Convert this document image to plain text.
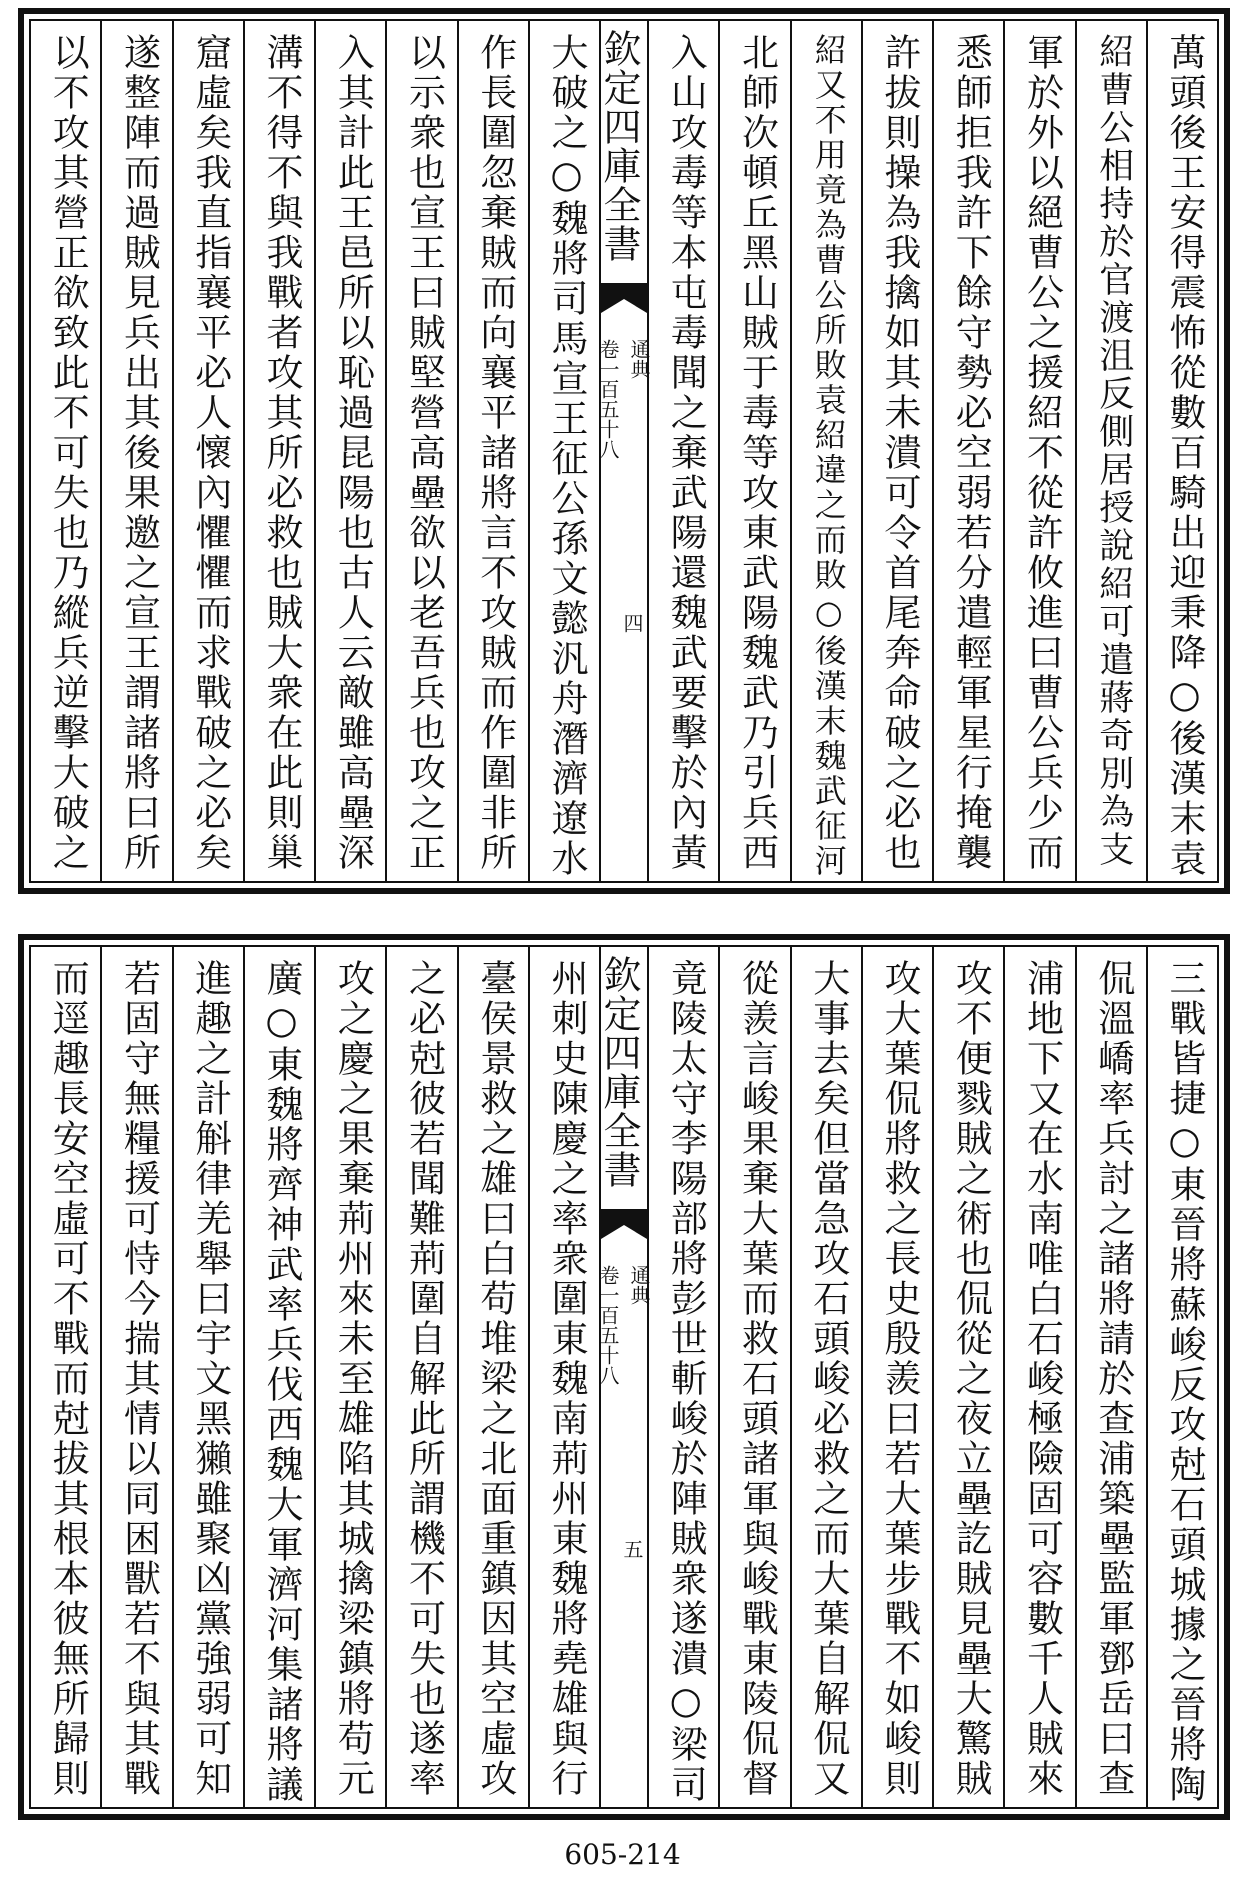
萬頭後王安得震怖從數百騎出迎秉降○後漢末袁
紹曹公相持於官渡沮反側居授說紹可遣蔣奇別為支
軍於外以絕曹公之援紹不從許攸進曰曹公兵少而
悉師拒我許下餘守勢必空弱若分遣輕軍星行掩襲
許拔則操為我擒如其未潰可令首尾奔命破之必也
紹又不用竟為曹公所敗袁紹違之而敗○後漢末魏武征河
北師次頓丘黑山賊于毒等攻東武陽魏武乃引兵西
入山攻毒等本屯毒聞之棄武陽還魏武要擊於內黃
欽定四庫全書
通典
卷一百五十八
四
大破之○魏將司馬宣王征公孫文懿汎舟潛濟遼水
作長圍忽棄賊而向襄平諸將言不攻賊而作圍非所
以示衆也宣王曰賊堅營高壘欲以老吾兵也攻之正
入其計此王邑所以恥過昆陽也古人云敵雖高壘深
溝不得不與我戰者攻其所必救也賊大衆在此則巢
窟虛矣我直指襄平必人懷內懼懼而求戰破之必矣
遂整陣而過賊見兵出其後果邀之宣王謂諸將曰所
以不攻其營正欲致此不可失也乃縱兵逆擊大破之
三戰皆捷○東晉將蘇峻反攻尅石頭城據之晉將陶
侃溫嶠率兵討之諸將請於查浦築壘監軍鄧岳曰查
浦地下又在水南唯白石峻極險固可容數千人賊來
攻不便戮賊之術也侃從之夜立壘訖賊見壘大驚賊
攻大葉侃將救之長史殷羨曰若大葉步戰不如峻則
大事去矣但當急攻石頭峻必救之而大葉自解侃又
從羨言峻果棄大葉而救石頭諸軍與峻戰東陵侃督
竟陵太守李陽部將彭世斬峻於陣賊衆遂潰○梁司
欽定四庫全書
通典
卷一百五十八
五
州刺史陳慶之率衆圍東魏南荊州東魏將堯雄與行
臺侯景救之雄曰白苟堆梁之北面重鎮因其空虛攻
之必尅彼若聞難荊圍自解此所謂機不可失也遂率
攻之慶之果棄荊州來未至雄陷其城擒梁鎮將苟元
廣○東魏將齊神武率兵伐西魏大軍濟河集諸將議
進趣之計斛律羌舉曰宇文黑獺雖聚凶黨強弱可知
若固守無糧援可恃今揣其情以同困獸若不與其戰
而逕趣長安空虛可不戰而尅拔其根本彼無所歸則
605-214
